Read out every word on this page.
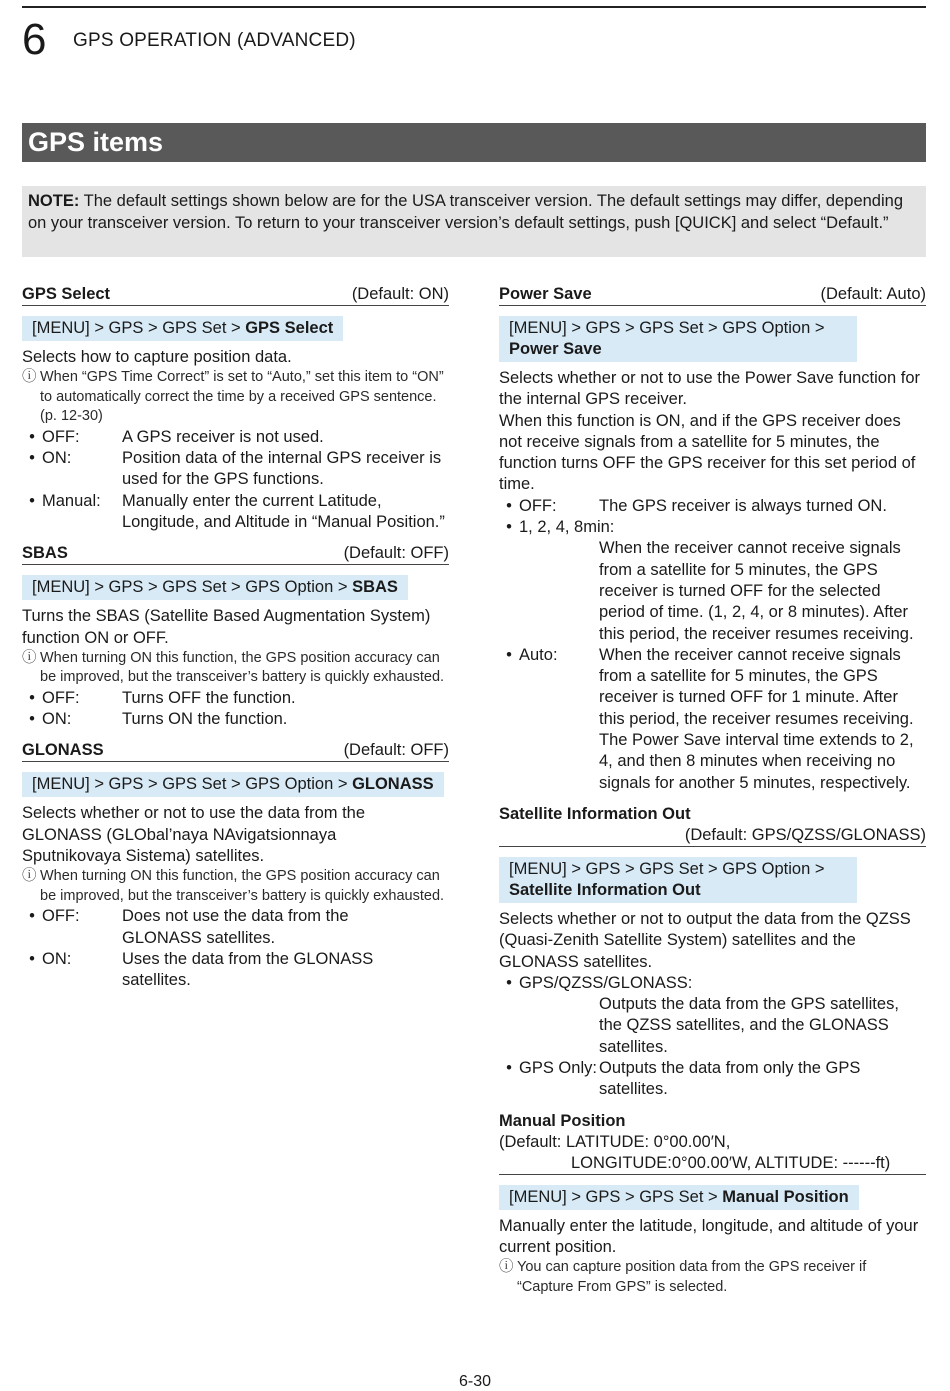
6 GPS OPERATION (ADVANCED)
GPS items
NOTE: The default settings shown below are for the USA transceiver version. The default settings may differ, depending on your transceiver version. To return to your transceiver version’s default settings, push [QUICK] and select “Default.”
GPS Select	(Default: ON)
[MENU] > GPS > GPS Set > GPS Select
Selects how to capture position data.
ⓘ When “GPS Time Correct” is set to “Auto,” set this item to “ON” to automatically correct the time by a received GPS sentence. (p. 12-30)
• OFF:	A GPS receiver is not used.
• ON:	Position data of the internal GPS receiver is used for the GPS functions.
• Manual:	Manually enter the current Latitude, Longitude, and Altitude in “Manual Position.”
SBAS	(Default: OFF)
[MENU] > GPS > GPS Set > GPS Option > SBAS
Turns the SBAS (Satellite Based Augmentation System) function ON or OFF.
ⓘ When turning ON this function, the GPS position accuracy can be improved, but the transceiver’s battery is quickly exhausted.
• OFF:	Turns OFF the function.
• ON:	Turns ON the function.
GLONASS	(Default: OFF)
[MENU] > GPS > GPS Set > GPS Option > GLONASS
Selects whether or not to use the data from the GLONASS (GLObal’naya NAvigatsionnaya Sputnikovaya Sistema) satellites.
ⓘ When turning ON this function, the GPS position accuracy can be improved, but the transceiver’s battery is quickly exhausted.
• OFF:	Does not use the data from the GLONASS satellites.
• ON:	Uses the data from the GLONASS satellites.
Power Save	(Default: Auto)
[MENU] > GPS > GPS Set > GPS Option >
Power Save
Selects whether or not to use the Power Save function for the internal GPS receiver.
When this function is ON, and if the GPS receiver does not receive signals from a satellite for 5 minutes, the function turns OFF the GPS receiver for this set period of time.
• OFF:	The GPS receiver is always turned ON.
• 1, 2, 4, 8min:
When the receiver cannot receive signals from a satellite for 5 minutes, the GPS receiver is turned OFF for the selected period of time. (1, 2, 4, or 8 minutes). After this period, the receiver resumes receiving.
• Auto:	When the receiver cannot receive signals from a satellite for 5 minutes, the GPS receiver is turned OFF for 1 minute. After this period, the receiver resumes receiving. The Power Save interval time extends to 2, 4, and then 8 minutes when receiving no signals for another 5 minutes, respectively.
Satellite Information Out
(Default: GPS/QZSS/GLONASS)
[MENU] > GPS > GPS Set > GPS Option >
Satellite Information Out
Selects whether or not to output the data from the QZSS (Quasi-Zenith Satellite System) satellites and the GLONASS satellites.
• GPS/QZSS/GLONASS:
Outputs the data from the GPS satellites, the QZSS satellites, and the GLONASS satellites.
• GPS Only: Outputs the data from only the GPS satellites.
Manual Position
(Default: LATITUDE: 0°00.00′N,
LONGITUDE:0°00.00′W, ALTITUDE: ------ft)
[MENU] > GPS > GPS Set > Manual Position
Manually enter the latitude, longitude, and altitude of your current position.
ⓘ You can capture position data from the GPS receiver if “Capture From GPS” is selected.
6-30
